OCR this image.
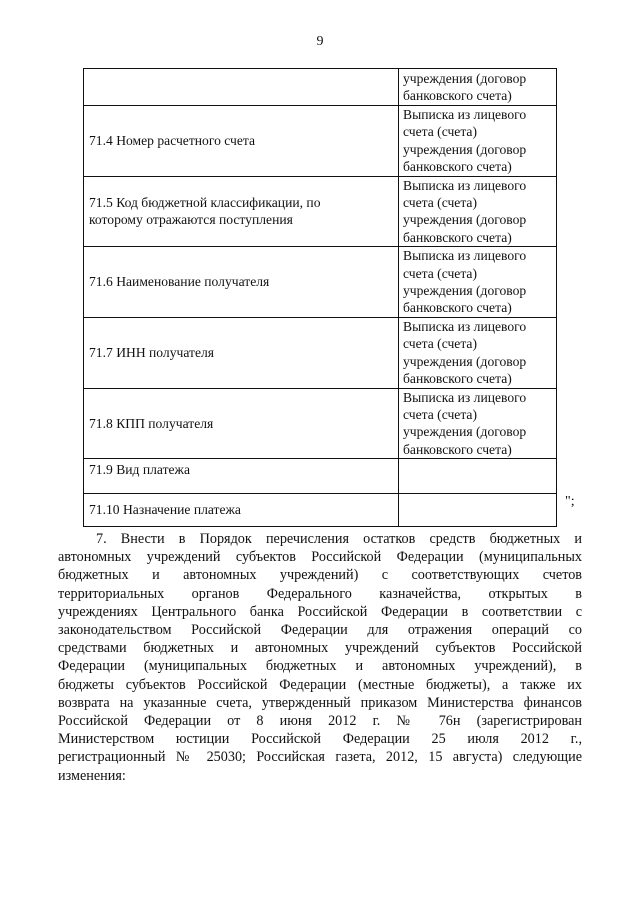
9

	учреждения (договор
банковского счета)

71.4 Номер расчетного счета	Выписка из лицевого
счета (счета)
учреждения (договор
банковского счета)

71.5 Код бюджетной классификации, по
которому отражаются поступления	Выписка из лицевого
счета (счета)
учреждения (договор
банковского счета)

71.6 Наименование получателя	Выписка из лицевого
счета (счета)
учреждения (договор
банковского счета)

71.7 ИНН получателя	Выписка из лицевого
счета (счета)
учреждения (договор
банковского счета)

71.8 КПП получателя	Выписка из лицевого
счета (счета)
учреждения (договор
банковского счета)

71.9 Вид платежа	
71.10 Назначение платежа	
";
7. Внести в Порядок перечисления остатков средств бюджетных и
автономных учреждений субъектов Российской Федерации (муниципальных
бюджетных и автономных учреждений) с соответствующих счетов
территориальных органов Федерального казначейства, открытых в
учреждениях Центрального банка Российской Федерации в соответствии с
законодательством Российской Федерации для отражения операций со
средствами бюджетных и автономных учреждений субъектов Российской
Федерации (муниципальных бюджетных и автономных учреждений), в
бюджеты субъектов Российской Федерации (местные бюджеты), а также их
возврата на указанные счета, утвержденный приказом Министерства финансов
Российской Федерации от 8 июня 2012 г. № 76н (зарегистрирован
Министерством юстиции Российской Федерации 25 июля 2012 г.,
регистрационный № 25030; Российская газета, 2012, 15 августа) следующие
изменения:
